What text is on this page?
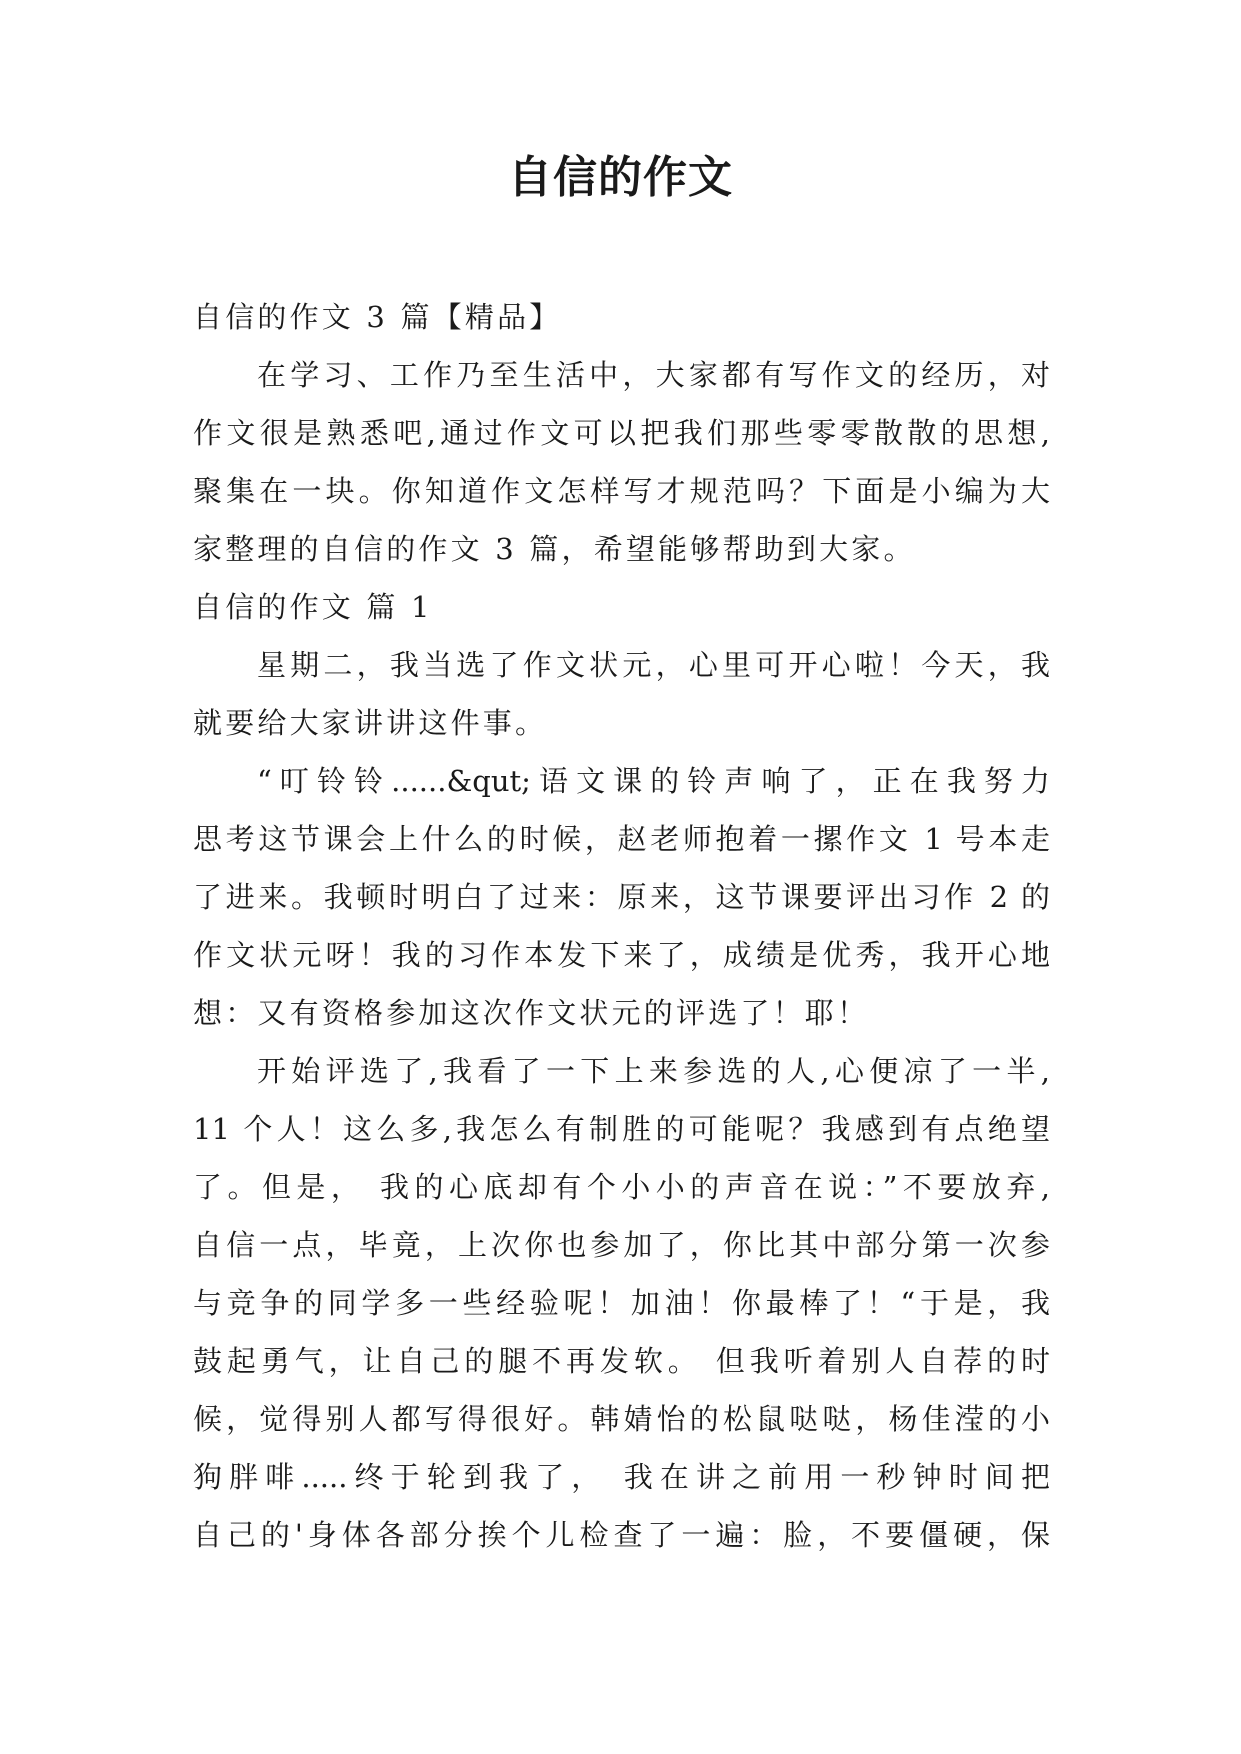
自信的作文
自信的作文 3 篇【精品】
在学习、工作乃至生活中，大家都有写作文的经历，对
作文很是熟悉吧,通过作文可以把我们那些零零散散的思想,
聚集在一块。你知道作文怎样写才规范吗？下面是小编为大
家整理的自信的作文 3 篇，希望能够帮助到大家。
自信的作文 篇 1
星期二，我当选了作文状元，心里可开心啦！今天，我
就要给大家讲讲这件事。
“叮铃铃......&qut;语文课的铃声响了，正在我努力
思考这节课会上什么的时候，赵老师抱着一摞作文 1 号本走
了进来。我顿时明白了过来：原来，这节课要评出习作 2 的
作文状元呀！我的习作本发下来了，成绩是优秀，我开心地
想：又有资格参加这次作文状元的评选了！耶！
开始评选了,我看了一下上来参选的人,心便凉了一半,
11 个人！这么多,我怎么有制胜的可能呢？我感到有点绝望
了。但是， 我的心底却有个小小的声音在说：”不要放弃,
自信一点，毕竟，上次你也参加了，你比其中部分第一次参
与竞争的同学多一些经验呢！加油！你最棒了！“于是，我
鼓起勇气，让自己的腿不再发软。 但我听着别人自荐的时
候，觉得别人都写得很好。韩婧怡的松鼠哒哒，杨佳滢的小
狗胖啡.....终于轮到我了， 我在讲之前用一秒钟时间把
自己的'身体各部分挨个儿检查了一遍：脸，不要僵硬，保
